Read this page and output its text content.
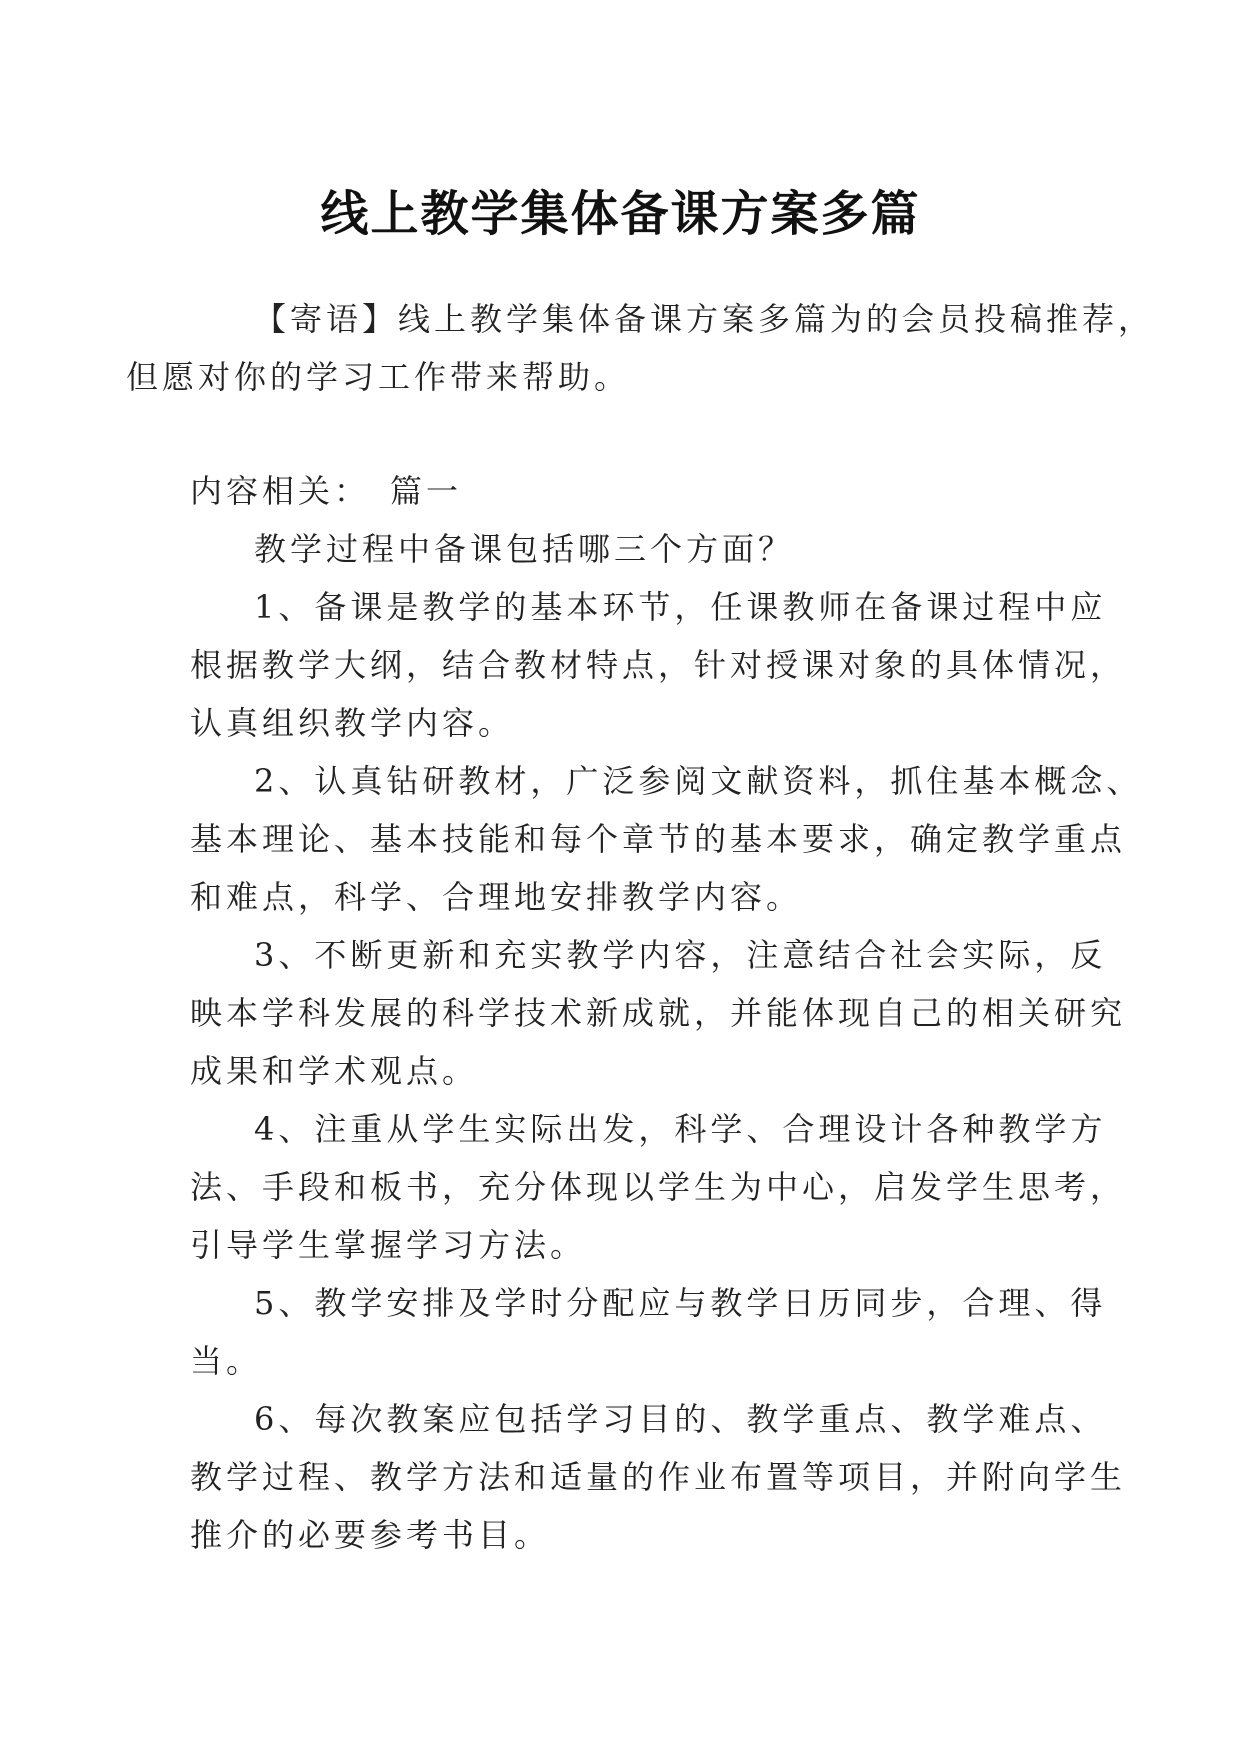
线上教学集体备课方案多篇

【寄语】线上教学集体备课方案多篇为的会员投稿推荐，
但愿对你的学习工作带来帮助。

内容相关：　篇一

教学过程中备课包括哪三个方面？

1、备课是教学的基本环节，任课教师在备课过程中应
根据教学大纲，结合教材特点，针对授课对象的具体情况，
认真组织教学内容。

2、认真钻研教材，广泛参阅文献资料，抓住基本概念、
基本理论、基本技能和每个章节的基本要求，确定教学重点
和难点，科学、合理地安排教学内容。

3、不断更新和充实教学内容，注意结合社会实际，反
映本学科发展的科学技术新成就，并能体现自己的相关研究
成果和学术观点。

4、注重从学生实际出发，科学、合理设计各种教学方
法、手段和板书，充分体现以学生为中心，启发学生思考，
引导学生掌握学习方法。

5、教学安排及学时分配应与教学日历同步，合理、得
当。

6、每次教案应包括学习目的、教学重点、教学难点、
教学过程、教学方法和适量的作业布置等项目，并附向学生
推介的必要参考书目。
